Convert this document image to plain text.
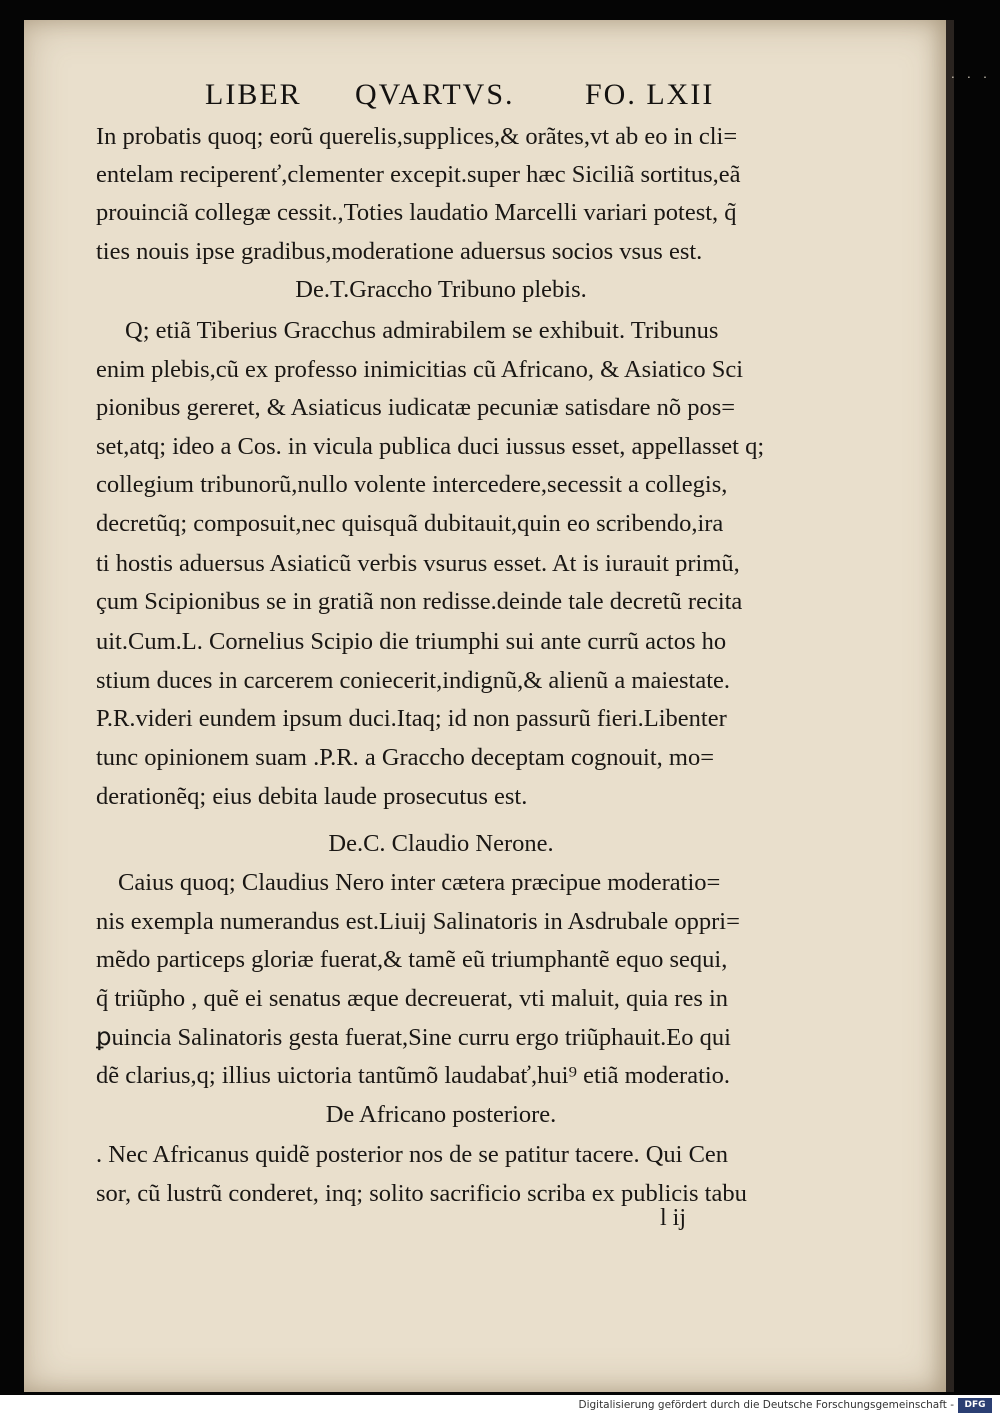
. . .
LIBER QVARTVS. FO. LXII
In probatis quoq; eorũ querelis,supplices,& orãtes,vt ab eo in cli=
entelam reciperenť,clementer excepit.super hæc Siciliã sortitus,eã
prouinciã collegæ cessit.,Toties laudatio Marcelli variari potest, q̃
ties nouis ipse gradibus,moderatione aduersus socios vsus est.
De.T.Graccho Tribuno plebis.
Q; etiã Tiberius Gracchus admirabilem se exhibuit. Tribunus
enim plebis,cũ ex professo inimicitias cũ Africano, & Asiatico Sci
pionibus gereret, & Asiaticus iudicatæ pecuniæ satisdare nõ pos=
set,atq; ideo a Cos. in vicula publica duci iussus esset, appellasset q;
collegium tribunorũ,nullo volente intercedere,secessit a collegis,
decretũq; composuit,nec quisquã dubitauit,quin eo scribendo,ira
ti hostis aduersus Asiaticũ verbis vsurus esset. At is iurauit primũ,
çum Scipionibus se in gratiã non redisse.deinde tale decretũ recita
uit.Cum.L. Cornelius Scipio die triumphi sui ante currũ actos ho
stium duces in carcerem coniecerit,indignũ,& alienũ a maiestate.
P.R.videri eundem ipsum duci.Itaq; id non passurũ fieri.Libenter
tunc opinionem suam .P.R. a Graccho deceptam cognouit, mo=
derationẽq; eius debita laude prosecutus est.
De.C. Claudio Nerone.
Caius quoq; Claudius Nero inter cætera præcipue moderatio=
nis exempla numerandus est.Liuij Salinatoris in Asdrubale oppri=
mẽdo particeps gloriæ fuerat,& tamẽ eũ triumphantẽ equo sequi,
q̃ triũpho , quẽ ei senatus æque decreuerat, vti maluit, quia res in
ꝑuincia Salinatoris gesta fuerat,Sine curru ergo triũphauit.Eo qui
dẽ clarius,q; illius uictoria tantũmõ laudabať,hui⁹ etiã moderatio.
De Africano posteriore.
. Nec Africanus quidẽ posterior nos de se patitur tacere. Qui Cen
sor, cũ lustrũ conderet, inq; solito sacrificio scriba ex publicis tabu
l ij
Digitalisierung gefördert durch die Deutsche Forschungsgemeinschaft -	DFG
